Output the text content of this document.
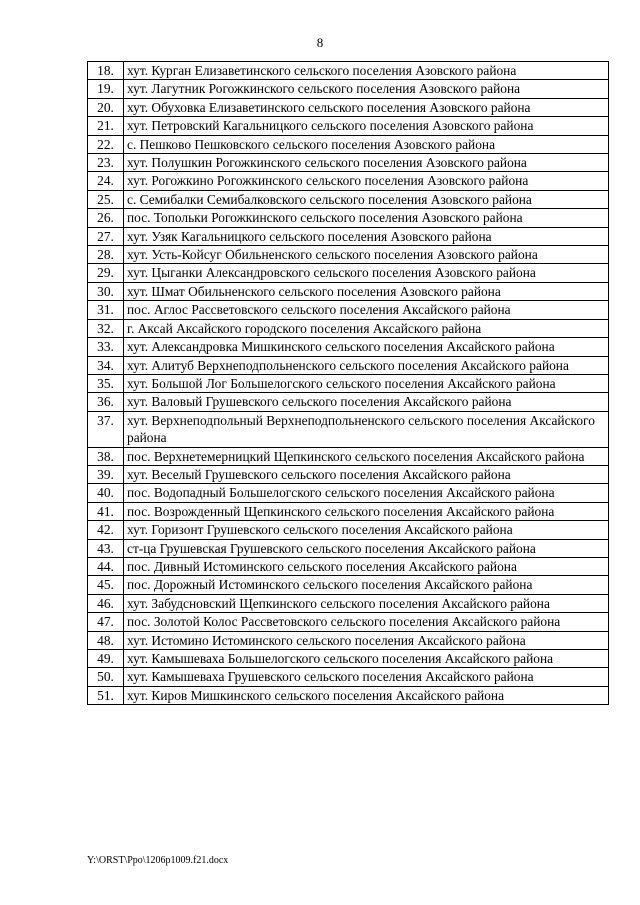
8
18.	хут. Курган Елизаветинского сельского поселения Азовского района
19.	хут. Лагутник Рогожкинского сельского поселения Азовского района
20.	хут. Обуховка Елизаветинского сельского поселения Азовского района
21.	хут. Петровский Кагальницкого сельского поселения Азовского района
22.	с. Пешково Пешковского сельского поселения Азовского района
23.	хут. Полушкин Рогожкинского сельского поселения Азовского района
24.	хут. Рогожкино Рогожкинского сельского поселения Азовского района
25.	с. Семибалки Семибалковского сельского поселения Азовского района
26.	пос. Топольки Рогожкинского сельского поселения Азовского района
27.	хут. Узяк Кагальницкого сельского поселения Азовского района
28.	хут. Усть-Койсуг Обильненского сельского поселения Азовского района
29.	хут. Цыганки Александровского сельского поселения Азовского района
30.	хут. Шмат Обильненского сельского поселения Азовского района
31.	пос. Аглос Рассветовского сельского поселения Аксайского района
32.	г. Аксай Аксайского городского поселения Аксайского района
33.	хут. Александровка Мишкинского сельского поселения Аксайского района
34.	хут. Алитуб Верхнеподпольненского сельского поселения Аксайского района
35.	хут. Большой Лог Большелогского сельского поселения Аксайского района
36.	хут. Валовый Грушевского сельского поселения Аксайского района
37.	хут. Верхнеподпольный Верхнеподпольненского сельского поселения Аксайского района
38.	пос. Верхнетемерницкий Щепкинского сельского поселения Аксайского района
39.	хут. Веселый Грушевского сельского поселения Аксайского района
40.	пос. Водопадный Большелогского сельского поселения Аксайского района
41.	пос. Возрожденный Щепкинского сельского поселения Аксайского района
42.	хут. Горизонт Грушевского сельского поселения Аксайского района
43.	ст-ца Грушевская Грушевского сельского поселения Аксайского района
44.	пос. Дивный Истоминского сельского поселения Аксайского района
45.	пос. Дорожный Истоминского сельского поселения Аксайского района
46.	хут. Забудсновский Щепкинского сельского поселения Аксайского района
47.	пос. Золотой Колос Рассветовского сельского поселения Аксайского района
48.	хут. Истомино Истоминского сельского поселения Аксайского района
49.	хут. Камышеваха Большелогского сельского поселения Аксайского района
50.	хут. Камышеваха Грушевского сельского поселения Аксайского района
51.	хут. Киров Мишкинского сельского поселения Аксайского района
Y:\ORST\Ppo\1206p1009.f21.docx
